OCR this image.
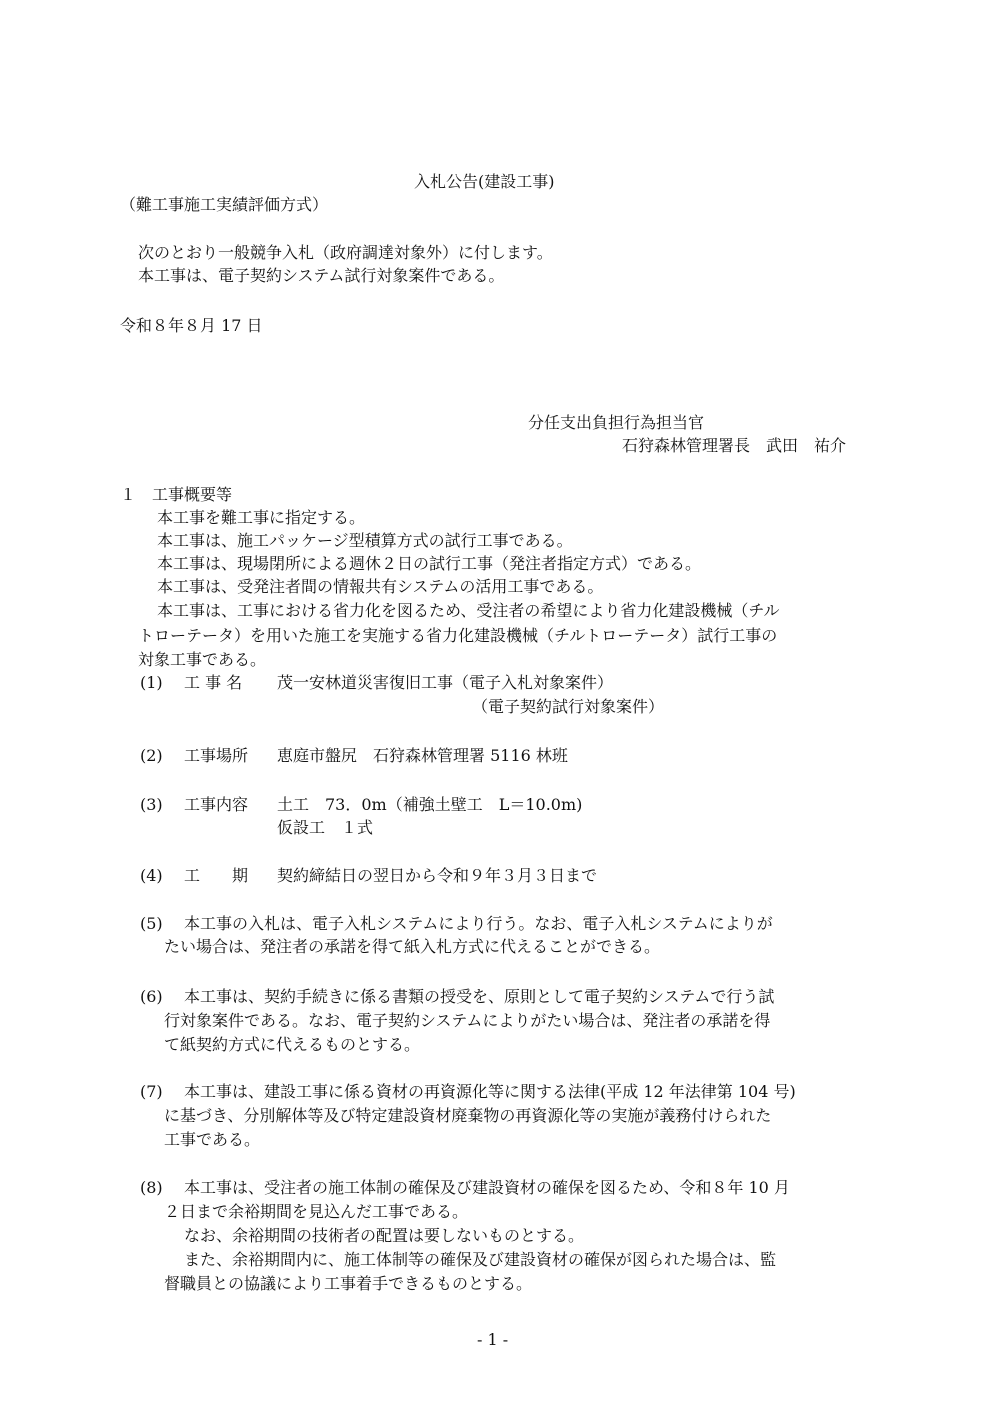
入札公告(建設工事)
（難工事施工実績評価方式）
次のとおり一般競争入札（政府調達対象外）に付します。
本工事は、電子契約システム試行対象案件である。
令和８年８月 17 日
分任支出負担行為担当官
石狩森林管理署長　武田　祐介
１　工事概要等
本工事を難工事に指定する。
本工事は、施工パッケージ型積算方式の試行工事である。
本工事は、現場閉所による週休２日の試行工事（発注者指定方式）である。
本工事は、受発注者間の情報共有システムの活用工事である。
本工事は、工事における省力化を図るため、受注者の希望により省力化建設機械（チル
トローテータ）を用いた施工を実施する省力化建設機械（チルトローテータ）試行工事の
対象工事である。
(1) 工 事 名 茂一安林道災害復旧工事（電子入札対象案件）
（電子契約試行対象案件）
(2) 工事場所 恵庭市盤尻　石狩森林管理署 5116 林班
(3) 工事内容 土工　73．0m（補強土壁工　L＝10.0m)
仮設工　１式
(4) 工　　期 契約締結日の翌日から令和９年３月３日まで
(5) 本工事の入札は、電子入札システムにより行う。なお、電子入札システムによりが
たい場合は、発注者の承諾を得て紙入札方式に代えることができる。
(6) 本工事は、契約手続きに係る書類の授受を、原則として電子契約システムで行う試
行対象案件である。なお、電子契約システムによりがたい場合は、発注者の承諾を得
て紙契約方式に代えるものとする。
(7) 本工事は、建設工事に係る資材の再資源化等に関する法律(平成 12 年法律第 104 号)
に基づき、分別解体等及び特定建設資材廃棄物の再資源化等の実施が義務付けられた
工事である。
(8) 本工事は、受注者の施工体制の確保及び建設資材の確保を図るため、令和８年 10 月
２日まで余裕期間を見込んだ工事である。
なお、余裕期間の技術者の配置は要しないものとする。
また、余裕期間内に、施工体制等の確保及び建設資材の確保が図られた場合は、監
督職員との協議により工事着手できるものとする。
- 1 -
